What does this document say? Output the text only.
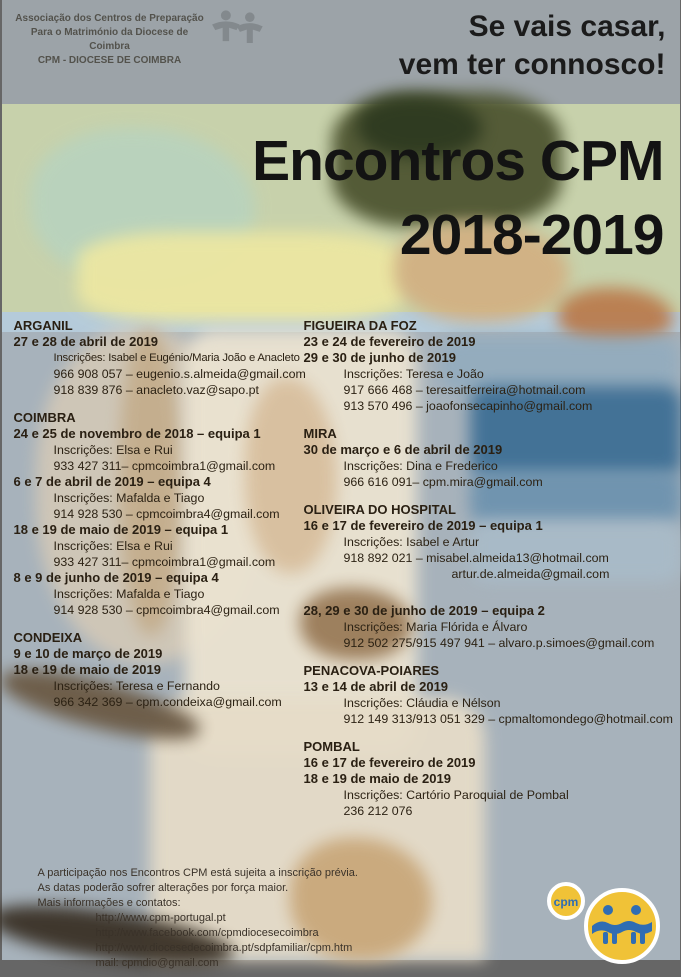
Associação dos Centros de Preparação
Para o Matrimónio da Diocese de Coimbra
CPM - DIOCESE DE COIMBRA
Se vais casar,
vem ter connosco!
Encontros CPM
2018-2019
ARGANIL
27 e 28 de abril de 2019
Inscrições: Isabel e Eugénio/Maria João e Anacleto
966 908 057 – eugenio.s.almeida@gmail.com
918 839 876 – anacleto.vaz@sapo.pt
COIMBRA
24 e 25 de novembro de 2018 – equipa 1
Inscrições: Elsa e Rui
933 427 311– cpmcoimbra1@gmail.com
6 e 7 de abril de 2019 – equipa 4
Inscrições: Mafalda e Tiago
914 928 530 – cpmcoimbra4@gmail.com
18 e 19 de maio de 2019 – equipa 1
Inscrições: Elsa e Rui
933 427 311– cpmcoimbra1@gmail.com
8 e 9 de junho de 2019 – equipa 4
Inscrições: Mafalda e Tiago
914 928 530 – cpmcoimbra4@gmail.com
CONDEIXA
9 e 10 de março de 2019
18 e 19 de maio de 2019
Inscrições: Teresa e Fernando
966 342 369 – cpm.condeixa@gmail.com
FIGUEIRA DA FOZ
23 e 24 de fevereiro de 2019
29 e 30 de junho de 2019
Inscrições: Teresa e João
917 666 468 – teresaitferreira@hotmail.com
913 570 496 – joaofonsecapinho@gmail.com
MIRA
30 de março e 6 de abril de 2019
Inscrições: Dina e Frederico
966 616 091– cpm.mira@gmail.com
OLIVEIRA DO HOSPITAL
16 e 17 de fevereiro de 2019 – equipa 1
Inscrições: Isabel e Artur
918 892 021 – misabel.almeida13@hotmail.com
artur.de.almeida@gmail.com
28, 29 e 30 de junho de 2019 – equipa 2
Inscrições: Maria Flórida e Álvaro
912 502 275/915 497 941 – alvaro.p.simoes@gmail.com
PENACOVA-POIARES
13 e 14 de abril de 2019
Inscrições: Cláudia e Nélson
912 149 313/913 051 329 – cpmaltomondego@hotmail.com
POMBAL
16 e 17 de fevereiro de 2019
18 e 19 de maio de 2019
Inscrições: Cartório Paroquial de Pombal
236 212 076
A participação nos Encontros CPM está sujeita a inscrição prévia.
As datas poderão sofrer alterações por força maior.
Mais informações e contatos:
http://www.cpm-portugal.pt
http://www.facebook.com/cpmdiocesecoimbra
http://www.diocesedecoimbra.pt/sdpfamiliar/cpm.htm
mail: cpmdio@gmail.com
cpm
